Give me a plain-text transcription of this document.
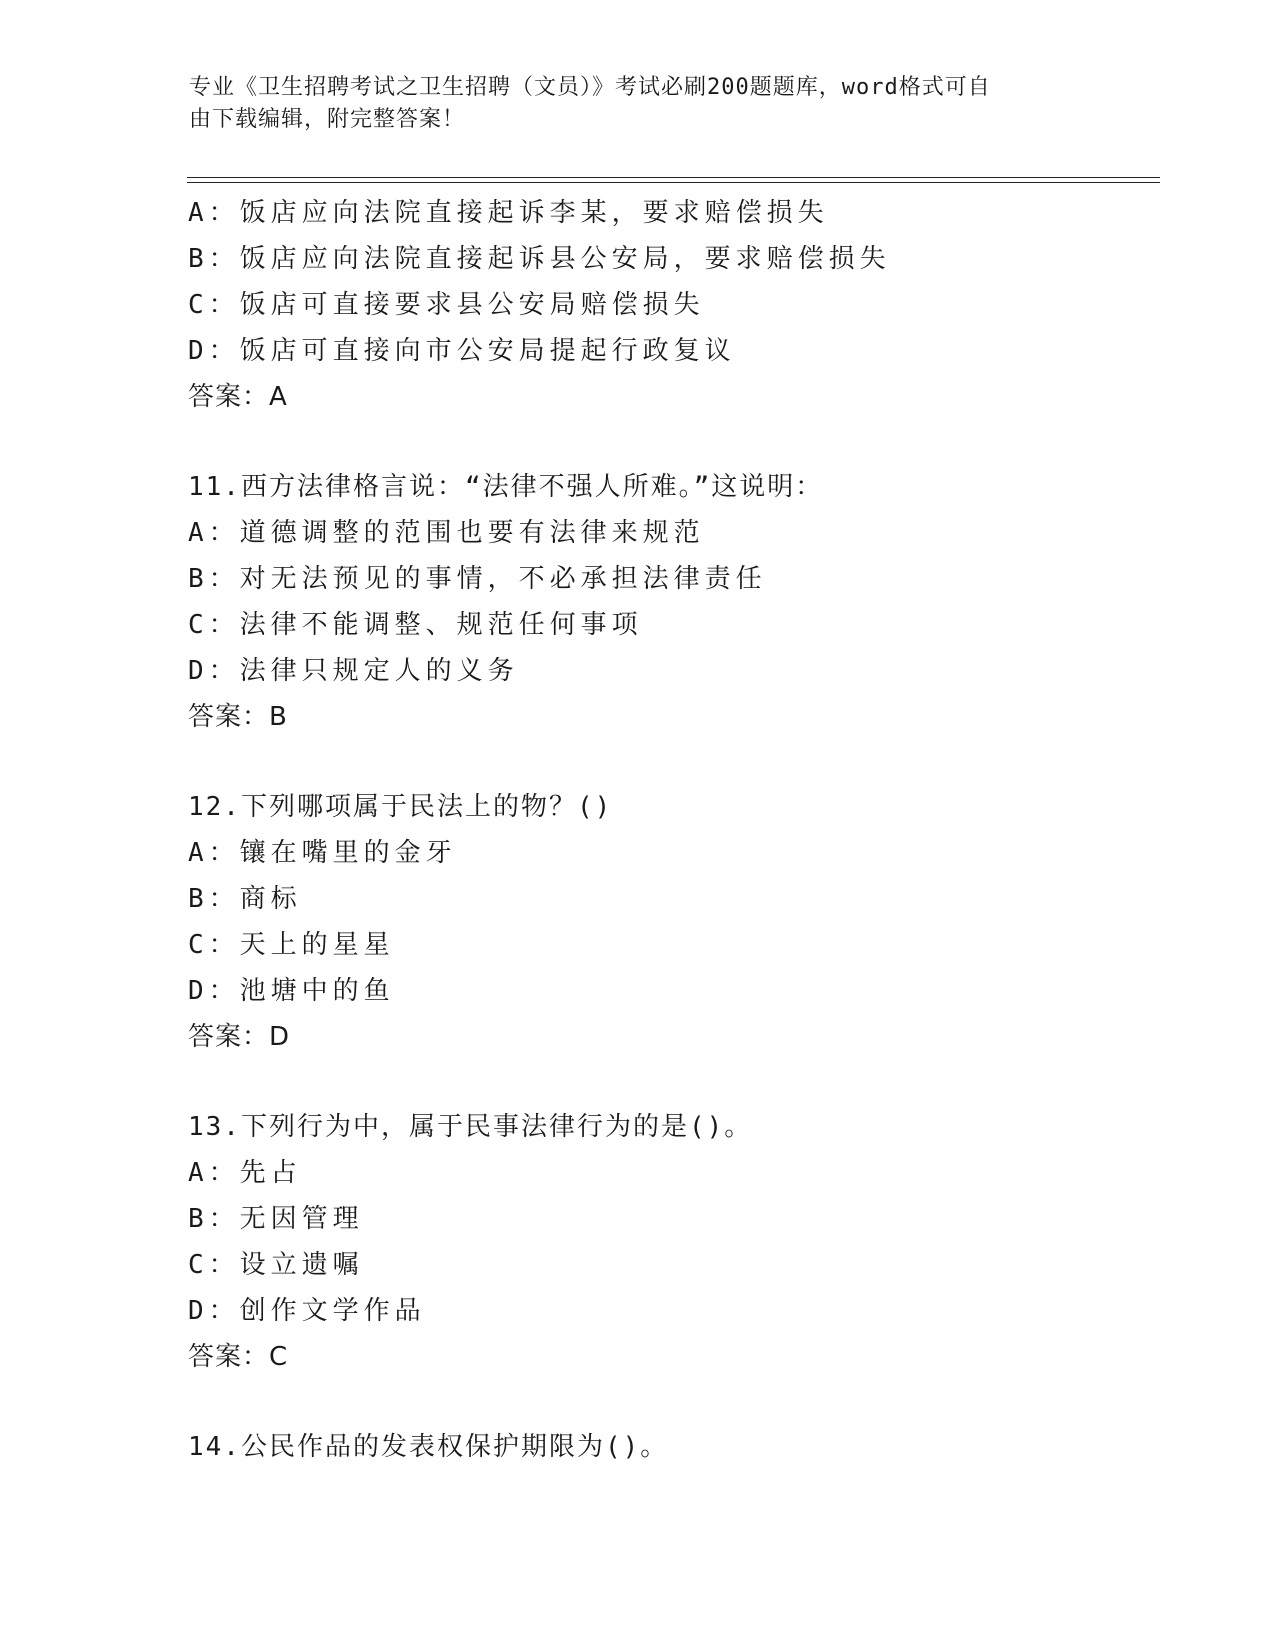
专业《卫生招聘考试之卫生招聘（文员）》考试必刷200题题库，word格式可自
由下载编辑，附完整答案！
A：饭店应向法院直接起诉李某，要求赔偿损失
B：饭店应向法院直接起诉县公安局，要求赔偿损失
C：饭店可直接要求县公安局赔偿损失
D：饭店可直接向市公安局提起行政复议
答案：A
11.西方法律格言说：“法律不强人所难。”这说明：
A：道德调整的范围也要有法律来规范
B：对无法预见的事情，不必承担法律责任
C：法律不能调整、规范任何事项
D：法律只规定人的义务
答案：B
12.下列哪项属于民法上的物？()
A：镶在嘴里的金牙
B：商标
C：天上的星星
D：池塘中的鱼
答案：D
13.下列行为中，属于民事法律行为的是()。
A：先占
B：无因管理
C：设立遗嘱
D：创作文学作品
答案：C
14.公民作品的发表权保护期限为()。
